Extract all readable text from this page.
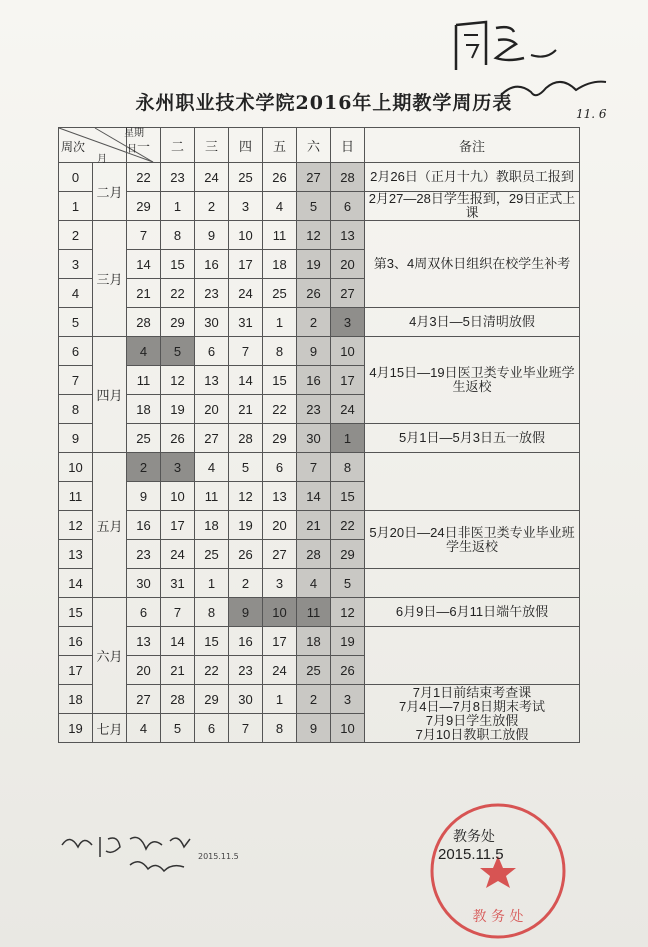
永州职业技术学院2016年上期教学周历表	11. 6
周次
月
星期
日		一	二	三	四	五	六	日	备注
0	二月	22	23	24	25	26	27	28	2月26日（正月十九）教职员工报到

1		29	1	2	3	4	5	6	2月27—28日学生报到，29日正式上课

2	三月	7	8	9	10	11	12	13	第3、4周双休日组织在校学生补考

3		14	15	16	17	18	19	20	
4		21	22	23	24	25	26	27	
5		28	29	30	31	1	2	3	4月3日—5日清明放假

6	四月	4	5	6	7	8	9	10	4月15日—19日医卫类专业毕业班学生返校

7		11	12	13	14	15	16	17	
8		18	19	20	21	22	23	24	
9		25	26	27	28	29	30	1	5月1日—5月3日五一放假

10	五月	2	3	4	5	6	7	8	
11		9	10	11	12	13	14	15	
12		16	17	18	19	20	21	22	5月20日—24日非医卫类专业毕业班学生返校

13		23	24	25	26	27	28	29	
14		30	31	1	2	3	4	5	
15	六月	6	7	8	9	10	11	12	6月9日—6月11日端午放假

16		13	14	15	16	17	18	19	
17		20	21	22	23	24	25	26	
18		27	28	29	30	1	2	3	7月1日前结束考查课
7月4日—7月8日期末考试
7月9日学生放假
7月10日教职工放假

19	七月	4	5	6	7	8	9	10	
教 务 处
教务处
2015.11.5
2015.11.5
